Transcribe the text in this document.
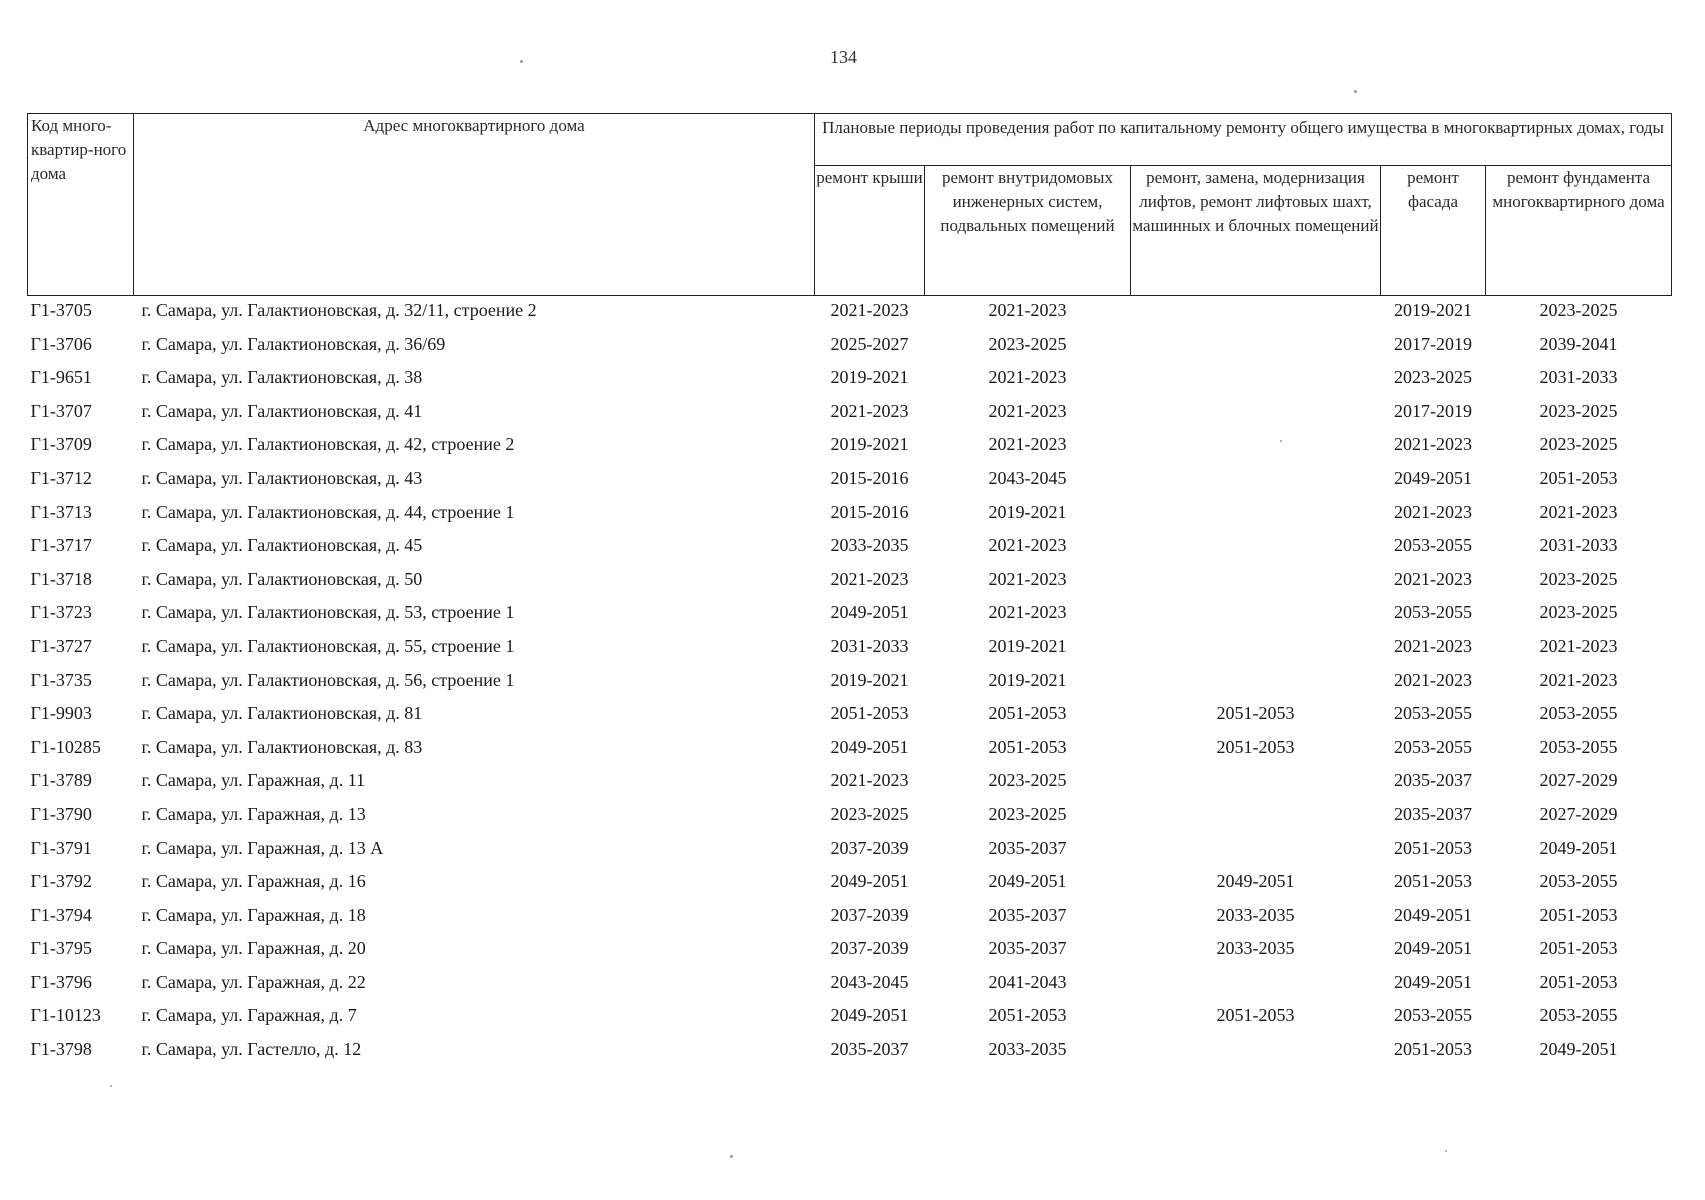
134
Код много-квартир-ного дома	Адрес многоквартирного дома	Плановые периоды проведения работ по капитальному ремонту общего имущества в многоквартирных домах, годы				
		ремонт крыши	ремонт внутридомовых инженерных систем, подвальных помещений	ремонт, замена, модернизация лифтов, ремонт лифтовых шахт, машинных и блочных помещений	ремонт фасада	ремонт фундамента многоквартирного дома
Г1-3705	г. Самара, ул. Галактионовская, д. 32/11, строение 2	2021-2023	2021-2023		2019-2021	2023-2025
Г1-3706	г. Самара, ул. Галактионовская, д. 36/69	2025-2027	2023-2025		2017-2019	2039-2041
Г1-9651	г. Самара, ул. Галактионовская, д. 38	2019-2021	2021-2023		2023-2025	2031-2033
Г1-3707	г. Самара, ул. Галактионовская, д. 41	2021-2023	2021-2023		2017-2019	2023-2025
Г1-3709	г. Самара, ул. Галактионовская, д. 42, строение 2	2019-2021	2021-2023		2021-2023	2023-2025
Г1-3712	г. Самара, ул. Галактионовская, д. 43	2015-2016	2043-2045		2049-2051	2051-2053
Г1-3713	г. Самара, ул. Галактионовская, д. 44, строение 1	2015-2016	2019-2021		2021-2023	2021-2023
Г1-3717	г. Самара, ул. Галактионовская, д. 45	2033-2035	2021-2023		2053-2055	2031-2033
Г1-3718	г. Самара, ул. Галактионовская, д. 50	2021-2023	2021-2023		2021-2023	2023-2025
Г1-3723	г. Самара, ул. Галактионовская, д. 53, строение 1	2049-2051	2021-2023		2053-2055	2023-2025
Г1-3727	г. Самара, ул. Галактионовская, д. 55, строение 1	2031-2033	2019-2021		2021-2023	2021-2023
Г1-3735	г. Самара, ул. Галактионовская, д. 56, строение 1	2019-2021	2019-2021		2021-2023	2021-2023
Г1-9903	г. Самара, ул. Галактионовская, д. 81	2051-2053	2051-2053	2051-2053	2053-2055	2053-2055
Г1-10285	г. Самара, ул. Галактионовская, д. 83	2049-2051	2051-2053	2051-2053	2053-2055	2053-2055
Г1-3789	г. Самара, ул. Гаражная, д. 11	2021-2023	2023-2025		2035-2037	2027-2029
Г1-3790	г. Самара, ул. Гаражная, д. 13	2023-2025	2023-2025		2035-2037	2027-2029
Г1-3791	г. Самара, ул. Гаражная, д. 13 А	2037-2039	2035-2037		2051-2053	2049-2051
Г1-3792	г. Самара, ул. Гаражная, д. 16	2049-2051	2049-2051	2049-2051	2051-2053	2053-2055
Г1-3794	г. Самара, ул. Гаражная, д. 18	2037-2039	2035-2037	2033-2035	2049-2051	2051-2053
Г1-3795	г. Самара, ул. Гаражная, д. 20	2037-2039	2035-2037	2033-2035	2049-2051	2051-2053
Г1-3796	г. Самара, ул. Гаражная, д. 22	2043-2045	2041-2043		2049-2051	2051-2053
Г1-10123	г. Самара, ул. Гаражная, д. 7	2049-2051	2051-2053	2051-2053	2053-2055	2053-2055
Г1-3798	г. Самара, ул. Гастелло, д. 12	2035-2037	2033-2035		2051-2053	2049-2051
